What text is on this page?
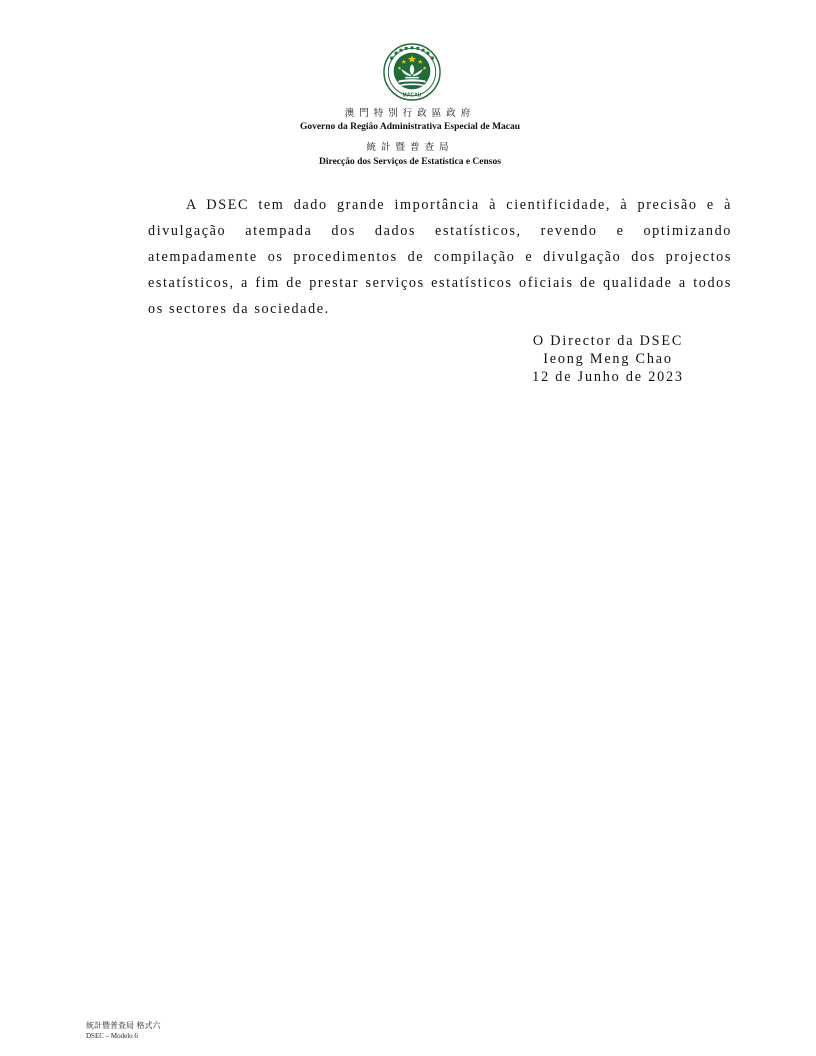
MACAU
澳門特別行政區政府
Governo da Região Administrativa Especial de Macau
統計暨普查局
Direcção dos Serviços de Estatística e Censos

A DSEC tem dado grande importância à cientificidade, à precisão e à divulgação atempada dos dados estatísticos, revendo e optimizando atempadamente os procedimentos de compilação e divulgação dos projectos estatísticos, a fim de prestar serviços estatísticos oficiais de qualidade a todos os sectores da sociedade.

O Director da DSEC
Ieong Meng Chao
12 de Junho de 2023
統計暨普查局 格式六
DSEC – Modelo 6
